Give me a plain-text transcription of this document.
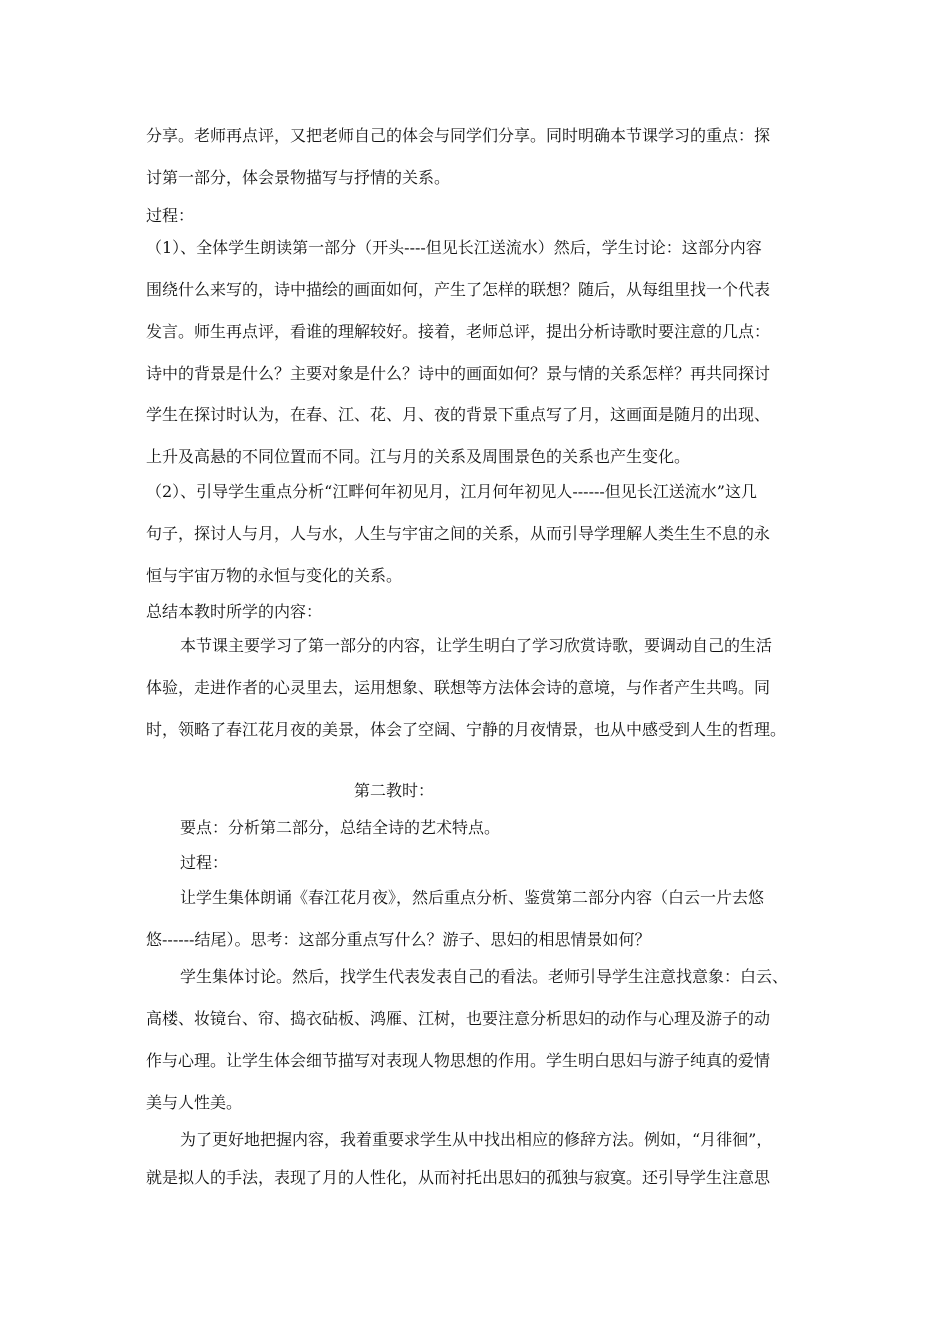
分享。老师再点评，又把老师自己的体会与同学们分享。同时明确本节课学习的重点：探
讨第一部分，体会景物描写与抒情的关系。
过程：
（1）、全体学生朗读第一部分（开头----但见长江送流水）然后，学生讨论：这部分内容
围绕什么来写的，诗中描绘的画面如何，产生了怎样的联想？随后，从每组里找一个代表
发言。师生再点评，看谁的理解较好。接着，老师总评，提出分析诗歌时要注意的几点：
诗中的背景是什么？主要对象是什么？诗中的画面如何？景与情的关系怎样？再共同探讨
学生在探讨时认为，在春、江、花、月、夜的背景下重点写了月，这画面是随月的出现、
上升及高悬的不同位置而不同。江与月的关系及周围景色的关系也产生变化。
（2）、引导学生重点分析“江畔何年初见月，江月何年初见人------但见长江送流水”这几
句子，探讨人与月，人与水，人生与宇宙之间的关系，从而引导学理解人类生生不息的永
恒与宇宙万物的永恒与变化的关系。
总结本教时所学的内容：
本节课主要学习了第一部分的内容，让学生明白了学习欣赏诗歌，要调动自己的生活
体验，走进作者的心灵里去，运用想象、联想等方法体会诗的意境，与作者产生共鸣。同
时，领略了春江花月夜的美景，体会了空阔、宁静的月夜情景，也从中感受到人生的哲理。
第二教时：
要点：分析第二部分，总结全诗的艺术特点。
过程：
让学生集体朗诵《春江花月夜》，然后重点分析、鉴赏第二部分内容（白云一片去悠
悠------结尾）。思考：这部分重点写什么？游子、思妇的相思情景如何？
学生集体讨论。然后，找学生代表发表自己的看法。老师引导学生注意找意象：白云、
高楼、妆镜台、帘、捣衣砧板、鸿雁、江树，也要注意分析思妇的动作与心理及游子的动
作与心理。让学生体会细节描写对表现人物思想的作用。学生明白思妇与游子纯真的爱情
美与人性美。
为了更好地把握内容，我着重要求学生从中找出相应的修辞方法。例如，“月徘徊”，
就是拟人的手法，表现了月的人性化，从而衬托出思妇的孤独与寂寞。还引导学生注意思
